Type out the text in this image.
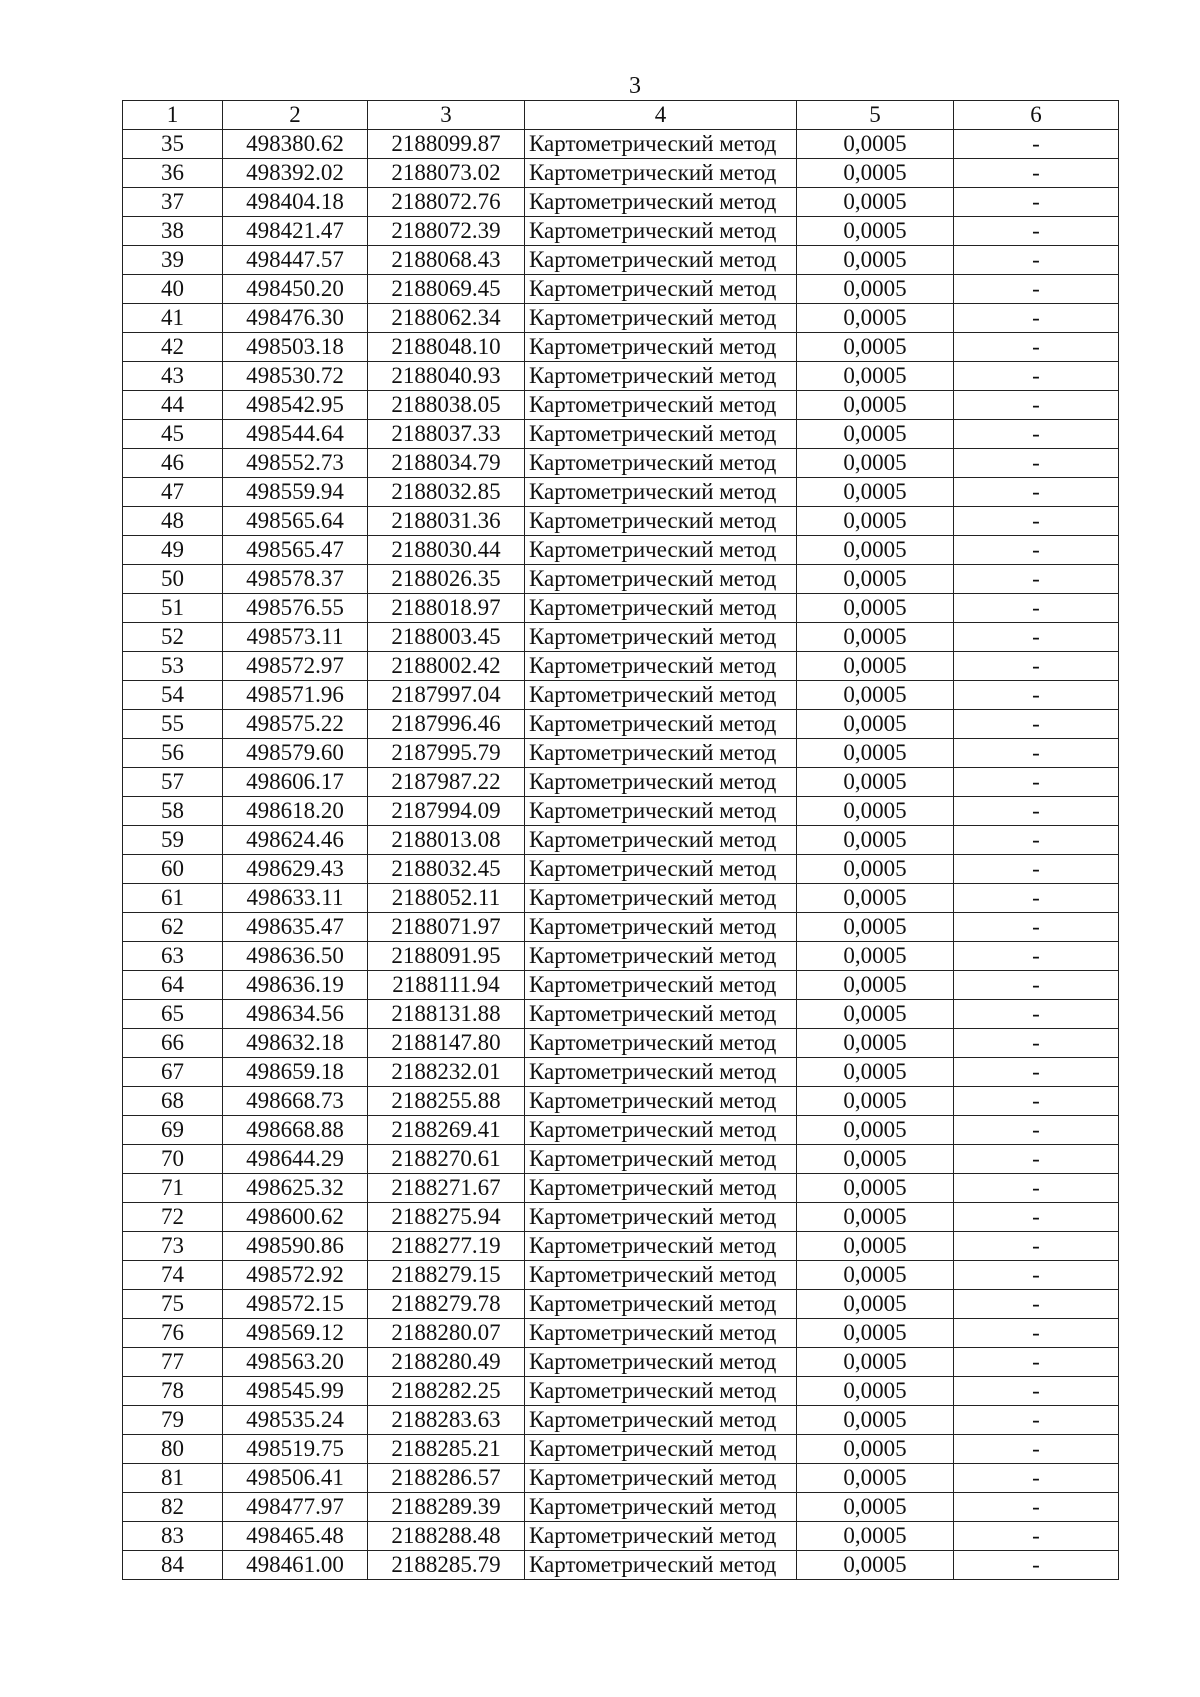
3
1	2	3	4	5	6
35	498380.62	2188099.87	Картометрический метод	0,0005	-
36	498392.02	2188073.02	Картометрический метод	0,0005	-
37	498404.18	2188072.76	Картометрический метод	0,0005	-
38	498421.47	2188072.39	Картометрический метод	0,0005	-
39	498447.57	2188068.43	Картометрический метод	0,0005	-
40	498450.20	2188069.45	Картометрический метод	0,0005	-
41	498476.30	2188062.34	Картометрический метод	0,0005	-
42	498503.18	2188048.10	Картометрический метод	0,0005	-
43	498530.72	2188040.93	Картометрический метод	0,0005	-
44	498542.95	2188038.05	Картометрический метод	0,0005	-
45	498544.64	2188037.33	Картометрический метод	0,0005	-
46	498552.73	2188034.79	Картометрический метод	0,0005	-
47	498559.94	2188032.85	Картометрический метод	0,0005	-
48	498565.64	2188031.36	Картометрический метод	0,0005	-
49	498565.47	2188030.44	Картометрический метод	0,0005	-
50	498578.37	2188026.35	Картометрический метод	0,0005	-
51	498576.55	2188018.97	Картометрический метод	0,0005	-
52	498573.11	2188003.45	Картометрический метод	0,0005	-
53	498572.97	2188002.42	Картометрический метод	0,0005	-
54	498571.96	2187997.04	Картометрический метод	0,0005	-
55	498575.22	2187996.46	Картометрический метод	0,0005	-
56	498579.60	2187995.79	Картометрический метод	0,0005	-
57	498606.17	2187987.22	Картометрический метод	0,0005	-
58	498618.20	2187994.09	Картометрический метод	0,0005	-
59	498624.46	2188013.08	Картометрический метод	0,0005	-
60	498629.43	2188032.45	Картометрический метод	0,0005	-
61	498633.11	2188052.11	Картометрический метод	0,0005	-
62	498635.47	2188071.97	Картометрический метод	0,0005	-
63	498636.50	2188091.95	Картометрический метод	0,0005	-
64	498636.19	2188111.94	Картометрический метод	0,0005	-
65	498634.56	2188131.88	Картометрический метод	0,0005	-
66	498632.18	2188147.80	Картометрический метод	0,0005	-
67	498659.18	2188232.01	Картометрический метод	0,0005	-
68	498668.73	2188255.88	Картометрический метод	0,0005	-
69	498668.88	2188269.41	Картометрический метод	0,0005	-
70	498644.29	2188270.61	Картометрический метод	0,0005	-
71	498625.32	2188271.67	Картометрический метод	0,0005	-
72	498600.62	2188275.94	Картометрический метод	0,0005	-
73	498590.86	2188277.19	Картометрический метод	0,0005	-
74	498572.92	2188279.15	Картометрический метод	0,0005	-
75	498572.15	2188279.78	Картометрический метод	0,0005	-
76	498569.12	2188280.07	Картометрический метод	0,0005	-
77	498563.20	2188280.49	Картометрический метод	0,0005	-
78	498545.99	2188282.25	Картометрический метод	0,0005	-
79	498535.24	2188283.63	Картометрический метод	0,0005	-
80	498519.75	2188285.21	Картометрический метод	0,0005	-
81	498506.41	2188286.57	Картометрический метод	0,0005	-
82	498477.97	2188289.39	Картометрический метод	0,0005	-
83	498465.48	2188288.48	Картометрический метод	0,0005	-
84	498461.00	2188285.79	Картометрический метод	0,0005	-
